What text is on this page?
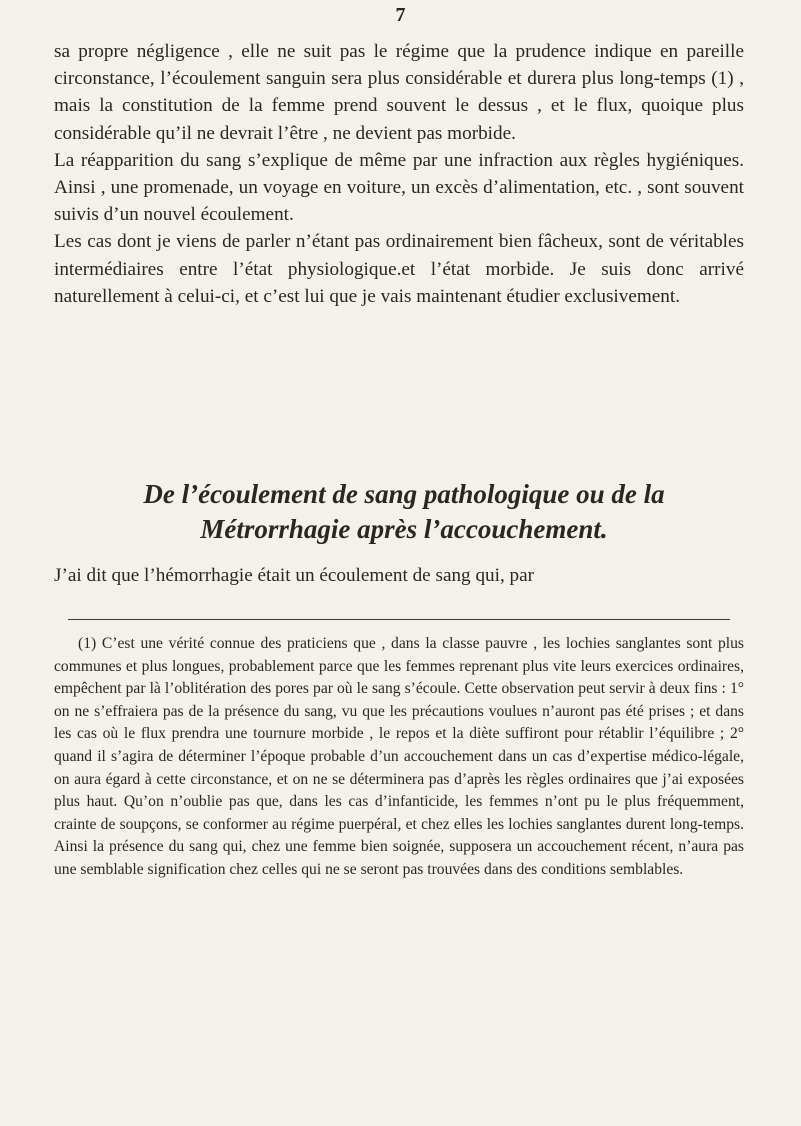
7

sa propre négligence , elle ne suit pas le régime que la prudence indique en pareille circonstance, l’écoulement sanguin sera plus considérable et durera plus long-temps (1) , mais la constitution de la femme prend souvent le dessus , et le flux, quoique plus considérable qu’il ne devrait l’être , ne devient pas morbide.

La réapparition du sang s’explique de même par une infraction aux règles hygiéniques. Ainsi , une promenade, un voyage en voiture, un excès d’alimentation, etc. , sont souvent suivis d’un nouvel écoulement.

Les cas dont je viens de parler n’étant pas ordinairement bien fâcheux, sont de véritables intermédiaires entre l’état physiologique.et l’état morbide. Je suis donc arrivé naturellement à celui-ci, et c’est lui que je vais maintenant étudier exclusivement.

De l’écoulement de sang pathologique ou de la
Métrorrhagie après l’accouchement.
J’ai dit que l’hémorrhagie était un écoulement de sang qui, par

(1) C’est une vérité connue des praticiens que , dans la classe pauvre , les lochies sanglantes sont plus communes et plus longues, probablement parce que les femmes reprenant plus vite leurs exercices ordinaires, empêchent par là l’oblitération des pores par où le sang s’écoule. Cette observation peut servir à deux fins : 1° on ne s’effraiera pas de la présence du sang, vu que les précautions voulues n’auront pas été prises ; et dans les cas où le flux prendra une tournure morbide , le repos et la diète suffiront pour rétablir l’équilibre ; 2° quand il s’agira de déterminer l’époque probable d’un accouchement dans un cas d’expertise médico-légale, on aura égard à cette circonstance, et on ne se déterminera pas d’après les règles ordinaires que j’ai exposées plus haut. Qu’on n’oublie pas que, dans les cas d’infanticide, les femmes n’ont pu le plus fréquemment, crainte de soupçons, se conformer au régime puerpéral, et chez elles les lochies sanglantes durent long-temps. Ainsi la présence du sang qui, chez une femme bien soignée, supposera un accouchement récent, n’aura pas une semblable signification chez celles qui ne se seront pas trouvées dans des conditions semblables.
